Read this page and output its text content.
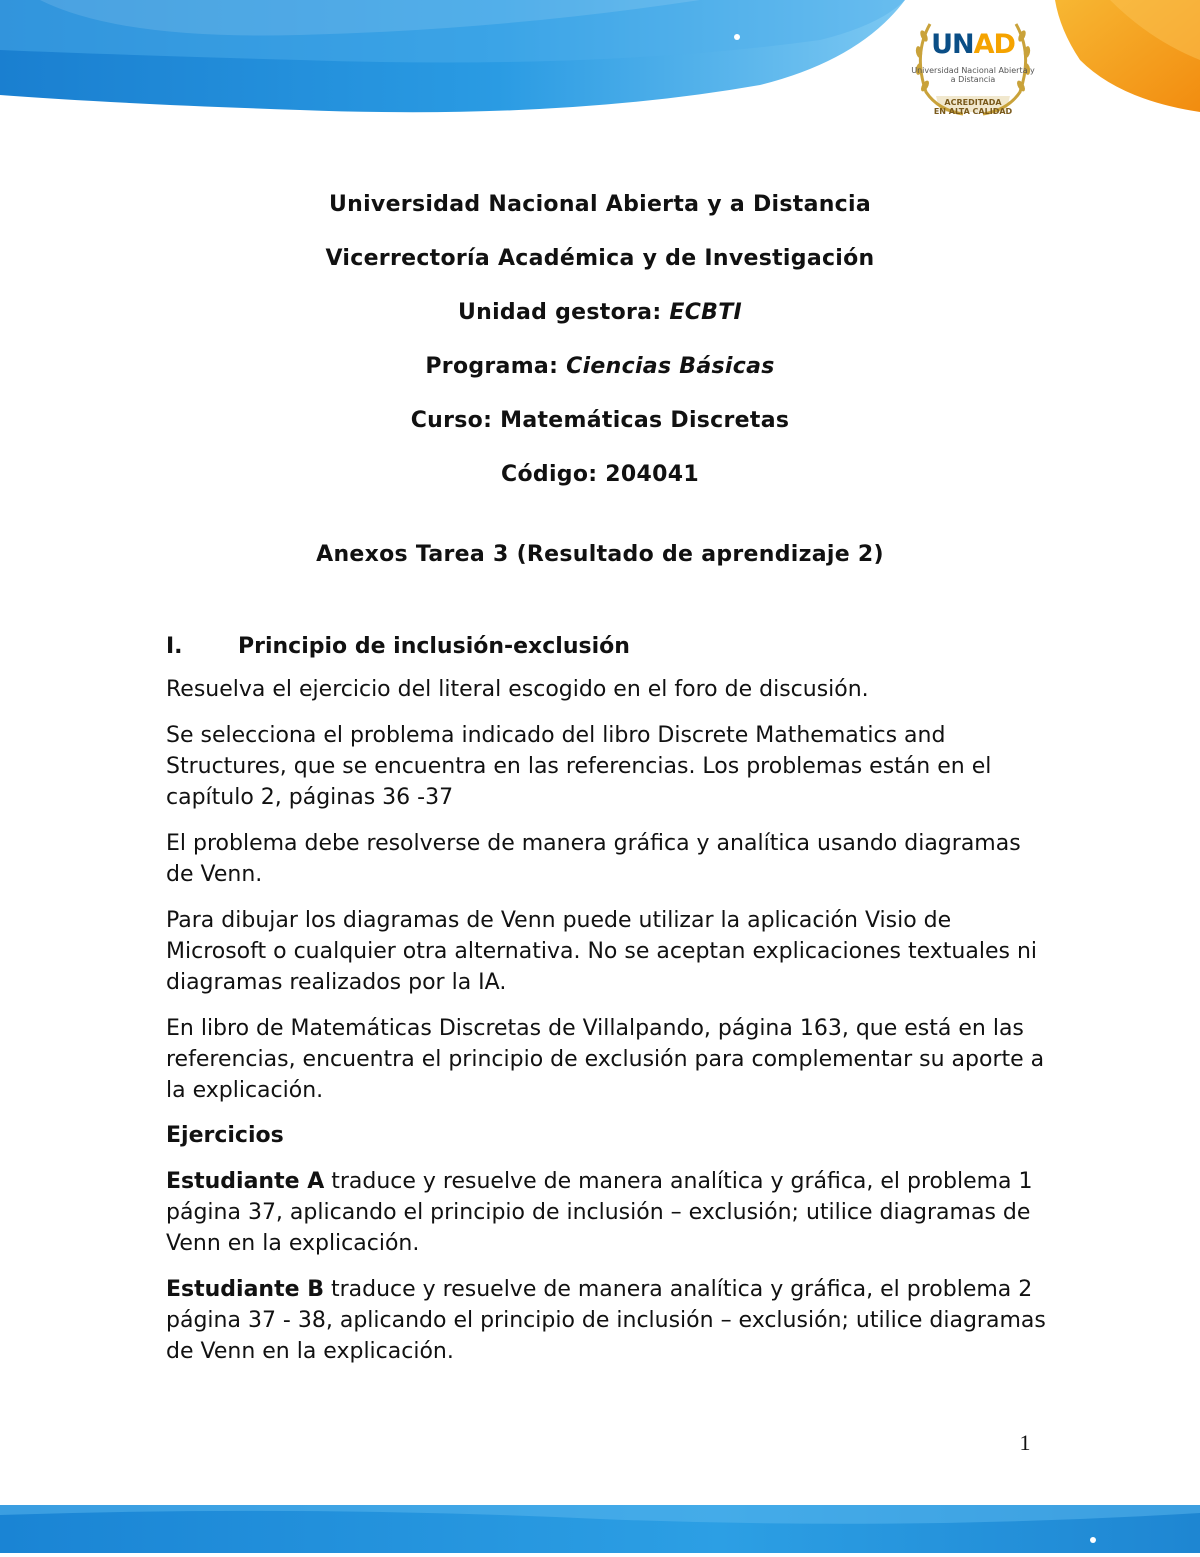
UNAD
Universidad Nacional Abierta y a Distancia
ACREDITADA
EN ALTA CALIDAD
Universidad Nacional Abierta y a Distancia
Vicerrectoría Académica y de Investigación
Unidad gestora: ECBTI
Programa: Ciencias Básicas
Curso: Matemáticas Discretas
Código: 204041
Anexos Tarea 3 (Resultado de aprendizaje 2)
I.	Principio de inclusión-exclusión

Resuelva el ejercicio del literal escogido en el foro de discusión.

Se selecciona el problema indicado del libro Discrete Mathematics and Structures, que se encuentra en las referencias. Los problemas están en el capítulo 2, páginas 36 -37

El problema debe resolverse de manera gráfica y analítica usando diagramas de Venn.

Para dibujar los diagramas de Venn puede utilizar la aplicación Visio de Microsoft o cualquier otra alternativa. No se aceptan explicaciones textuales ni diagramas realizados por la IA.

En libro de Matemáticas Discretas de Villalpando, página 163, que está en las referencias, encuentra el principio de exclusión para complementar su aporte a la explicación.

Ejercicios

Estudiante A traduce y resuelve de manera analítica y gráfica, el problema 1 página 37, aplicando el principio de inclusión – exclusión; utilice diagramas de Venn en la explicación.

Estudiante B traduce y resuelve de manera analítica y gráfica, el problema 2 página 37 - 38, aplicando el principio de inclusión – exclusión; utilice diagramas de Venn en la explicación.

1
